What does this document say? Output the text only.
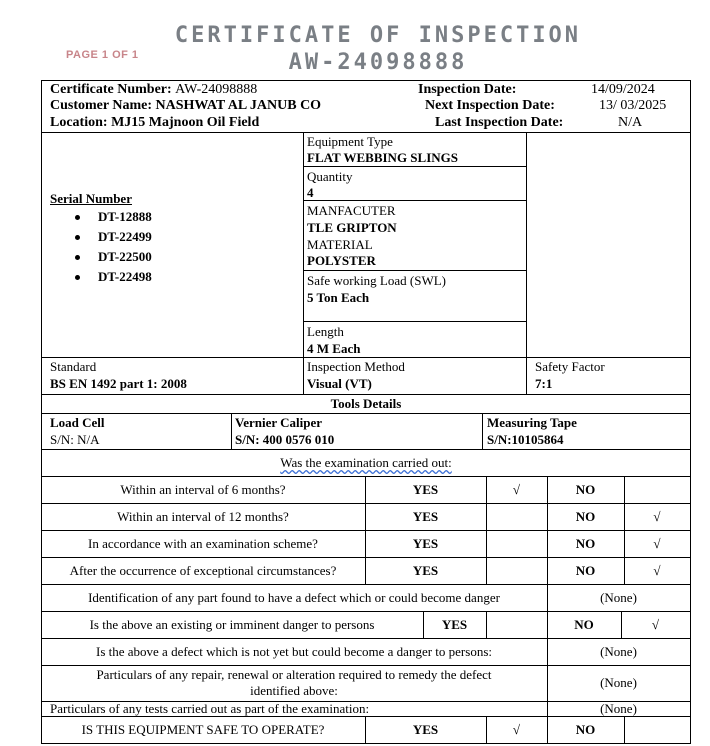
PAGE 1 OF 1
CERTIFICATE OF INSPECTION
AW-24098888
Certificate Number: AW-24098888
Customer Name: NASHWAT AL JANUB CO
Location: MJ15 Majnoon Oil Field
Inspection Date:	14/09/2024
Next Inspection Date:	13/ 03/2025
Last Inspection Date:	N/A
Serial Number
DT-12888
DT-22499
DT-22500
DT-22498
Equipment Type
FLAT WEBBING SLINGS
Quantity
4
MANFACUTER
TLE GRIPTON
MATERIAL
POLYSTER
Safe working Load (SWL)
5 Ton Each
Length
4 M Each
Standard
BS EN 1492 part 1: 2008
Inspection Method
Visual (VT)
Safety Factor
7:1
Tools Details
Load Cell
S/N: N/A
Vernier Caliper
S/N: 400 0576 010
Measuring Tape
S/N:10105864
Was the examination carried out:
Within an interval of 6 months?	YES	√	NO
Within an interval of 12 months?	YES	NO	√
In accordance with an examination scheme?	YES	NO	√
After the occurrence of exceptional circumstances?	YES	NO	√
Identification of any part found to have a defect which or could become danger	(None)
Is the above an existing or imminent danger to persons	YES	NO	√
Is the above a defect which is not yet but could become a danger to persons:	(None)
Particulars of any repair, renewal or alteration required to remedy the defect
identified above:
(None)
Particulars of any tests carried out as part of the examination:	(None)
IS THIS EQUIPMENT SAFE TO OPERATE?	YES	√	NO
